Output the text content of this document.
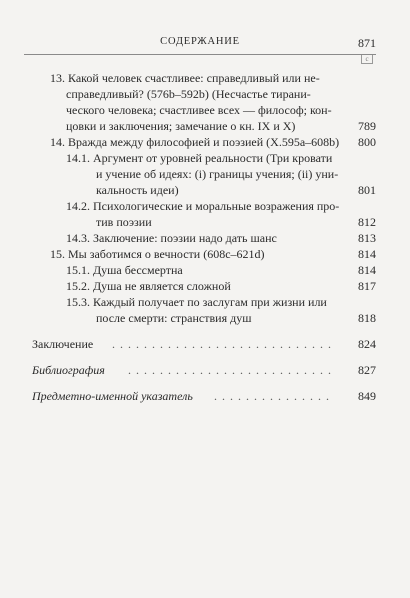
СОДЕРЖАНИЕ	871
с
13. Какой человек счастливее: справедливый или не-
справедливый? (576b–592b) (Несчастье тирани-
ческого человека; счастливее всех — философ; кон-
цовки и заключения; замечание о кн. IX и X)	789
14. Вражда между философией и поэзией (X.595a–608b) 800
14.1. Аргумент от уровней реальности (Три кровати
и учение об идеях: (i) границы учения; (ii) уни-
кальность идеи)	801
14.2. Психологические и моральные возражения про-
тив поэзии	812
14.3. Заключение: поэзии надо дать шанс	813
15. Мы заботимся о вечности (608c–621d)	814
15.1. Душа бессмертна	814
15.2. Душа не является сложной	817
15.3. Каждый получает по заслугам при жизни или
после смерти: странствия душ	818
Заключение . . . . . . . . . . . . . . . . . . . . . . . . . . . . 824
Библиография . . . . . . . . . . . . . . . . . . . . . . . . . . 827
Предметно-именной указатель . . . . . . . . . . . . . . .	849
